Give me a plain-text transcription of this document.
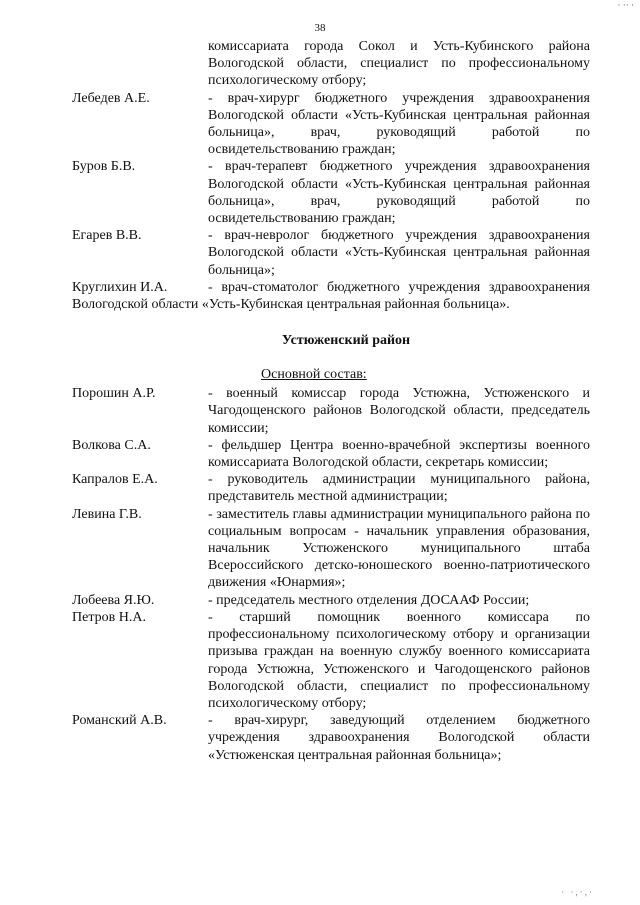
· ·· ·
38
комиссариата города Сокол и Усть-Кубинского района Вологодской области, специалист по профессиональному психологическому отбору;
Лебедев А.Е.	- врач-хирург бюджетного учреждения здравоохранения Вологодской области «Усть-Кубинская центральная районная больница», врач, руководящий работой по освидетельствованию граждан;
Буров Б.В.	- врач-терапевт бюджетного учреждения здравоохранения Вологодской области «Усть-Кубинская центральная районная больница», врач, руководящий работой по освидетельствованию граждан;
Егарев В.В.	- врач-невролог бюджетного учреждения здравоохранения Вологодской области «Усть-Кубинская центральная районная больница»;
Круглихин И.А.	- врач-стоматолог бюджетного учреждения здравоохранения Вологодской области «Усть-Кубинская центральная районная больница».
Устюженский район
Основной состав:
Порошин А.Р.	- военный комиссар города Устюжна, Устюженского и Чагодощенского районов Вологодской области, председатель комиссии;
Волкова С.А.	- фельдшер Центра военно-врачебной экспертизы военного комиссариата Вологодской области, секретарь комиссии;
Капралов Е.А.	- руководитель администрации муниципального района, представитель местной администрации;
Левина Г.В.	- заместитель главы администрации муниципального района по социальным вопросам - начальник управления образования, начальник Устюженского муниципального штаба Всероссийского детско-юношеского военно-патриотического движения «Юнармия»;
Лобеева Я.Ю.	- председатель местного отделения ДОСААФ России;
Петров Н.А.	- старший помощник военного комиссара по профессиональному психологическому отбору и организации призыва граждан на военную службу военного комиссариата города Устюжна, Устюженского и Чагодощенского районов Вологодской области, специалист по профессиональному психологическому отбору;
Романский А.В.	- врач-хирург, заведующий отделением бюджетного учреждения здравоохранения Вологодской области «Устюженская центральная районная больница»;
· ·,·,·
